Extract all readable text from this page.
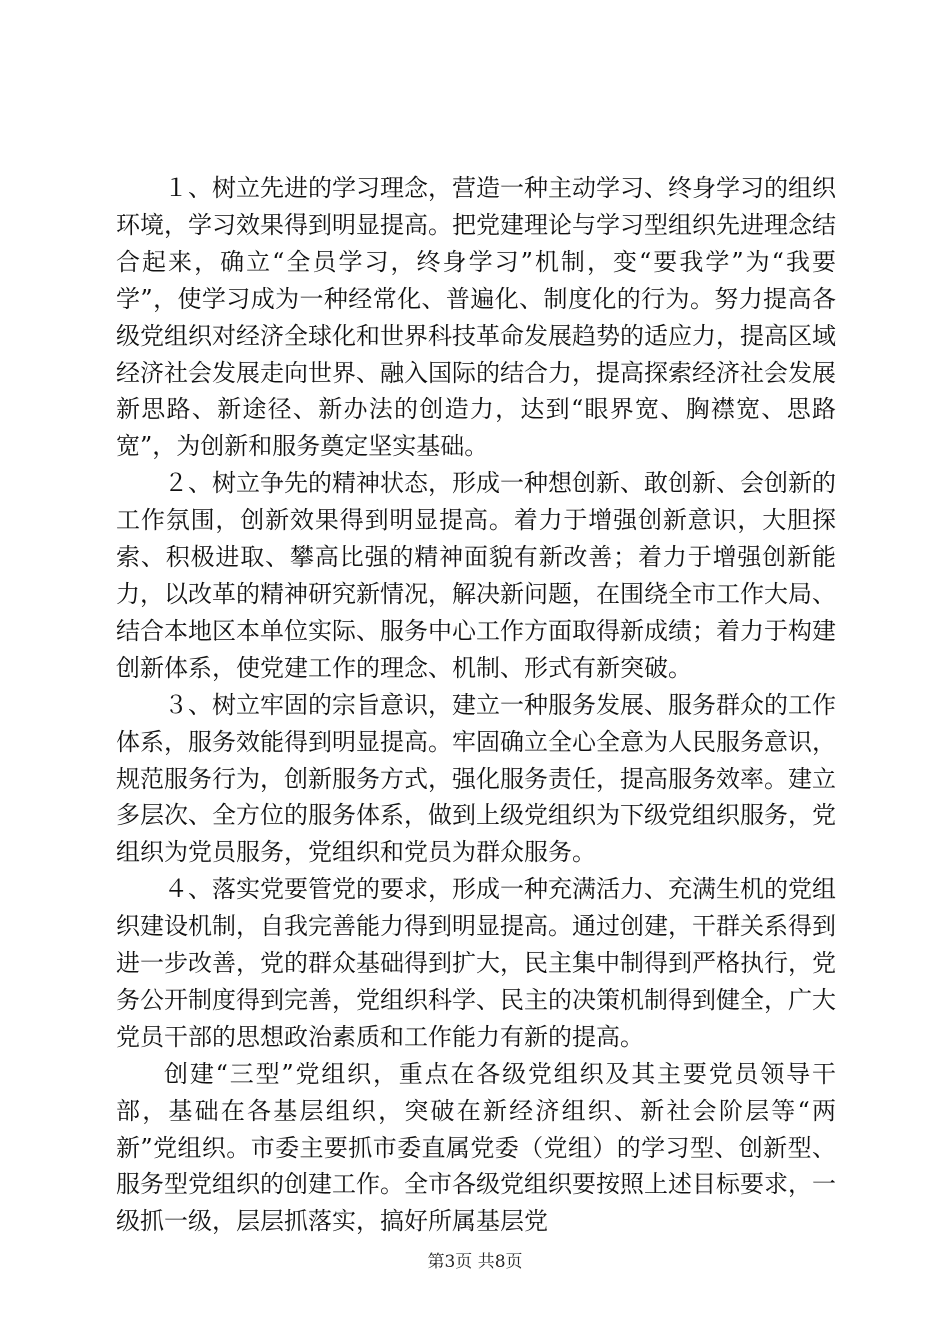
１、树立先进的学习理念，营造一种主动学习、终身学习的组织环境，学习效果得到明显提高。把党建理论与学习型组织先进理念结合起来，确立“全员学习，终身学习”机制，变“要我学”为“我要学”，使学习成为一种经常化、普遍化、制度化的行为。努力提高各级党组织对经济全球化和世界科技革命发展趋势的适应力，提高区域经济社会发展走向世界、融入国际的结合力，提高探索经济社会发展新思路、新途径、新办法的创造力，达到“眼界宽、胸襟宽、思路宽”，为创新和服务奠定坚实基础。

２、树立争先的精神状态，形成一种想创新、敢创新、会创新的工作氛围，创新效果得到明显提高。着力于增强创新意识，大胆探索、积极进取、攀高比强的精神面貌有新改善；着力于增强创新能力，以改革的精神研究新情况，解决新问题，在围绕全市工作大局、结合本地区本单位实际、服务中心工作方面取得新成绩；着力于构建创新体系，使党建工作的理念、机制、形式有新突破。

３、树立牢固的宗旨意识，建立一种服务发展、服务群众的工作体系，服务效能得到明显提高。牢固确立全心全意为人民服务意识，规范服务行为，创新服务方式，强化服务责任，提高服务效率。建立多层次、全方位的服务体系，做到上级党组织为下级党组织服务，党组织为党员服务，党组织和党员为群众服务。

４、落实党要管党的要求，形成一种充满活力、充满生机的党组织建设机制，自我完善能力得到明显提高。通过创建，干群关系得到进一步改善，党的群众基础得到扩大，民主集中制得到严格执行，党务公开制度得到完善，党组织科学、民主的决策机制得到健全，广大党员干部的思想政治素质和工作能力有新的提高。

创建“三型”党组织，重点在各级党组织及其主要党员领导干部，基础在各基层组织，突破在新经济组织、新社会阶层等“两新”党组织。市委主要抓市委直属党委（党组）的学习型、创新型、服务型党组织的创建工作。全市各级党组织要按照上述目标要求，一级抓一级，层层抓落实，搞好所属基层党

第3页 共8页
